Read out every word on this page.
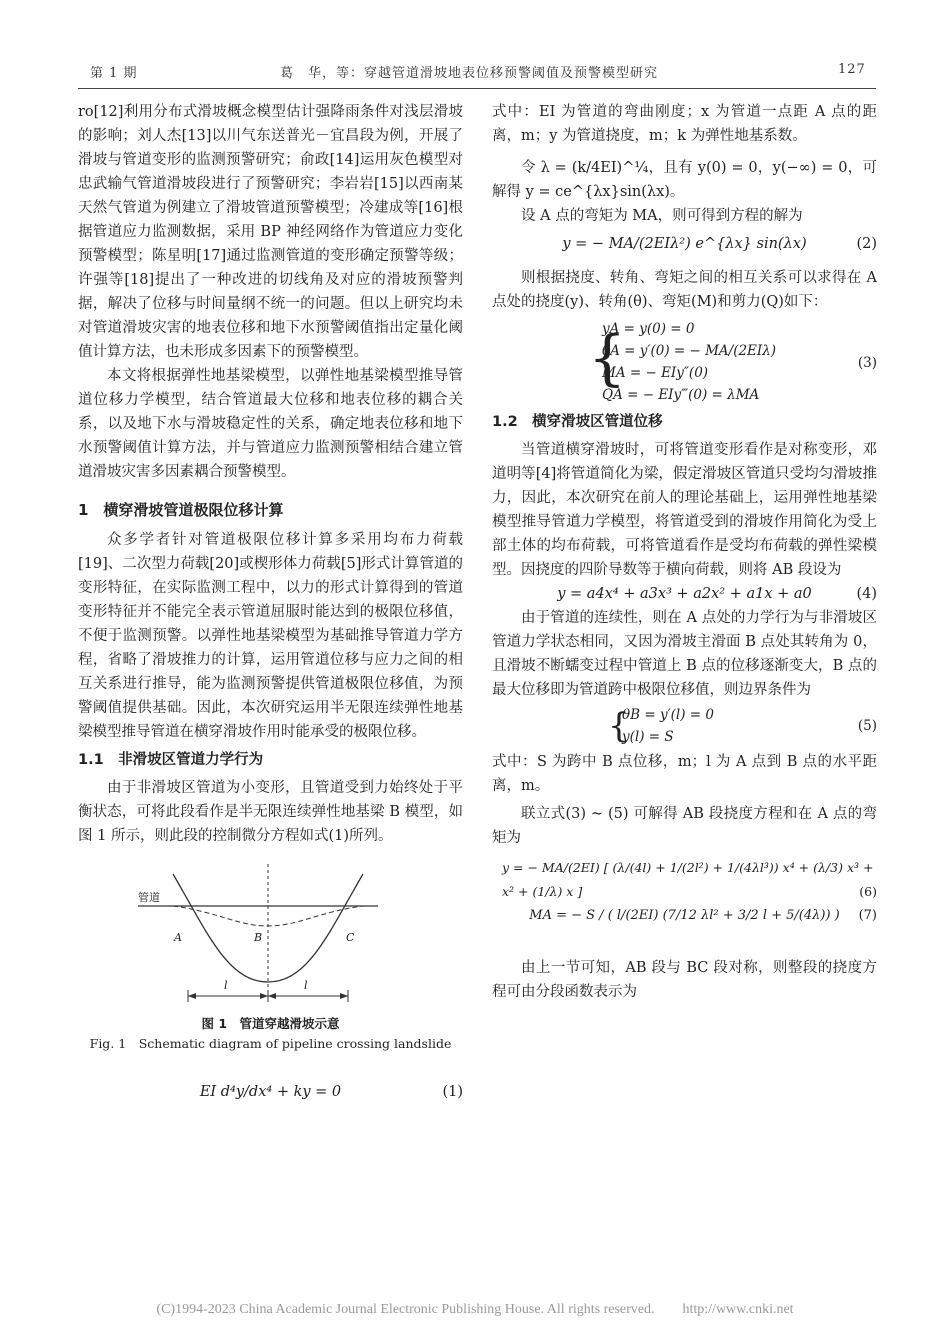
第 1 期	葛　华，等：穿越管道滑坡地表位移预警阈值及预警模型研究	127

ro[12]利用分布式滑坡概念模型估计强降雨条件对浅层滑坡的影响；刘人杰[13]以川气东送普光－宜昌段为例，开展了滑坡与管道变形的监测预警研究；俞政[14]运用灰色模型对忠武输气管道滑坡段进行了预警研究；李岩岩[15]以西南某天然气管道为例建立了滑坡管道预警模型；冷建成等[16]根据管道应力监测数据，采用 BP 神经网络作为管道应力变化预警模型；陈星明[17]通过监测管道的变形确定预警等级；许强等[18]提出了一种改进的切线角及对应的滑坡预警判据，解决了位移与时间量纲不统一的问题。但以上研究均未对管道滑坡灾害的地表位移和地下水预警阈值指出定量化阈值计算方法，也未形成多因素下的预警模型。

本文将根据弹性地基梁模型，以弹性地基梁模型推导管道位移力学模型，结合管道最大位移和地表位移的耦合关系，以及地下水与滑坡稳定性的关系，确定地表位移和地下水预警阈值计算方法，并与管道应力监测预警相结合建立管道滑坡灾害多因素耦合预警模型。

1　横穿滑坡管道极限位移计算

众多学者针对管道极限位移计算多采用均布力荷载[19]、二次型力荷载[20]或楔形体力荷载[5]形式计算管道的变形特征，在实际监测工程中，以力的形式计算得到的管道变形特征并不能完全表示管道屈服时能达到的极限位移值，不便于监测预警。以弹性地基梁模型为基础推导管道力学方程，省略了滑坡推力的计算，运用管道位移与应力之间的相互关系进行推导，能为监测预警提供管道极限位移值，为预警阈值提供基础。因此，本次研究运用半无限连续弹性地基梁模型推导管道在横穿滑坡作用时能承受的极限位移。

1.1　非滑坡区管道力学行为

由于非滑坡区管道为小变形，且管道受到力始终处于平衡状态，可将此段看作是半无限连续弹性地基梁 B 模型，如图 1 所示，则此段的控制微分方程如式(1)所列。

管道
A	B	C
l	l
图 1　管道穿越滑坡示意
Fig. 1　Schematic diagram of pipeline crossing landslide
EI d⁴y/dx⁴ + ky = 0	(1)

式中：EI 为管道的弯曲刚度；x 为管道一点距 A 点的距离，m；y 为管道挠度，m；k 为弹性地基系数。

令 λ = (k/4EI)^¼，且有 y(0) = 0，y(−∞) = 0，可解得 y = ce^{λx}sin(λx)。

设 A 点的弯矩为 MA，则可得到方程的解为

y = − MA/(2EIλ²) e^{λx} sin(λx)	(2)

则根据挠度、转角、弯矩之间的相互关系可以求得在 A 点处的挠度(y)、转角(θ)、弯矩(M)和剪力(Q)如下：

{
yA = y(0) = 0
θA = y′(0) = − MA/(2EIλ)
MA = − EIy″(0)
QA = − EIy‴(0) = λMA
(3)

1.2　横穿滑坡区管道位移

当管道横穿滑坡时，可将管道变形看作是对称变形，邓道明等[4]将管道简化为梁，假定滑坡区管道只受均匀滑坡推力，因此，本次研究在前人的理论基础上，运用弹性地基梁模型推导管道力学模型，将管道受到的滑坡作用简化为受上部土体的均布荷载，可将管道看作是受均布荷载的弹性梁模型。因挠度的四阶导数等于横向荷载，则将 AB 段设为

y = a4x⁴ + a3x³ + a2x² + a1x + a0	(4)

由于管道的连续性，则在 A 点处的力学行为与非滑坡区管道力学状态相同，又因为滑坡主滑面 B 点处其转角为 0，且滑坡不断蠕变过程中管道上 B 点的位移逐渐变大，B 点的最大位移即为管道跨中极限位移值，则边界条件为

{
θB = y′(l) = 0
y(l) = S
(5)

式中：S 为跨中 B 点位移，m；l 为 A 点到 B 点的水平距离，m。

联立式(3) ~ (5) 可解得 AB 段挠度方程和在 A 点的弯矩为

y = − MA/(2EI) [ (λ/(4l) + 1/(2l²) + 1/(4λl³)) x⁴ + (λ/3) x³ + x² + (1/λ) x ]	(6)
MA = − S / ( l/(2EI) (7/12 λl² + 3/2 l + 5/(4λ)) )	(7)

由上一节可知，AB 段与 BC 段对称，则整段的挠度方程可由分段函数表示为

(C)1994-2023 China Academic Journal Electronic Publishing House. All rights reserved.　　http://www.cnki.net
